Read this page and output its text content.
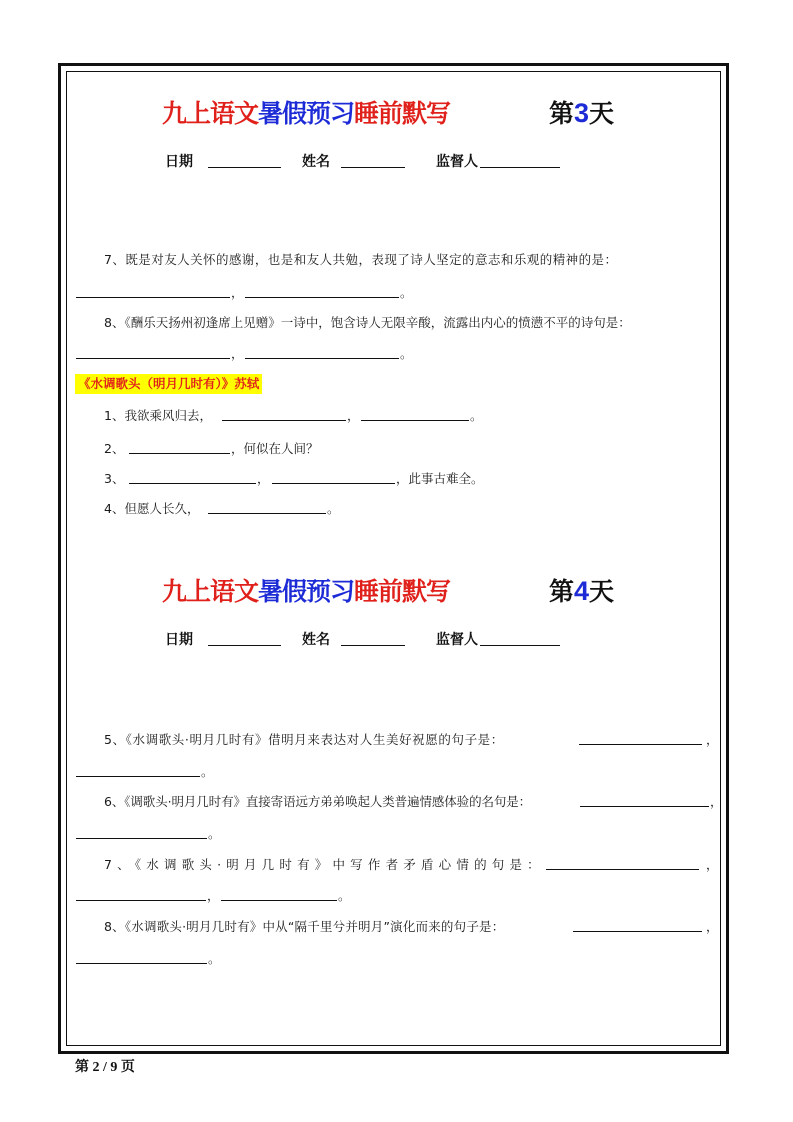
九上语文暑假预习睡前默写	第3天
日期	姓名	监督人
7、既是对友人关怀的感谢，也是和友人共勉，表现了诗人坚定的意志和乐观的精神的是：
，	。
8、《酬乐天扬州初逢席上见赠》一诗中，饱含诗人无限辛酸，流露出内心的愤懑不平的诗句是：
，	。
《水调歌头（明月几时有）》苏轼
1、我欲乘风归去，	，	。
2、	，何似在人间？
3、	，	，此事古难全。
4、但愿人长久，	。
九上语文暑假预习睡前默写	第4天
日期	姓名	监督人
5、《水调歌头·明月几时有》借明月来表达对人生美好祝愿的句子是：	，
。
6、《调歌头·明月几时有》直接寄语远方弟弟唤起人类普遍情感体验的名句是：	，
。
7、《水调歌头·明月几时有》中写作者矛盾心情的句是：	，
，	。
8、《水调歌头·明月几时有》中从“隔千里兮并明月”演化而来的句子是：	，
。
第 2 / 9 页
